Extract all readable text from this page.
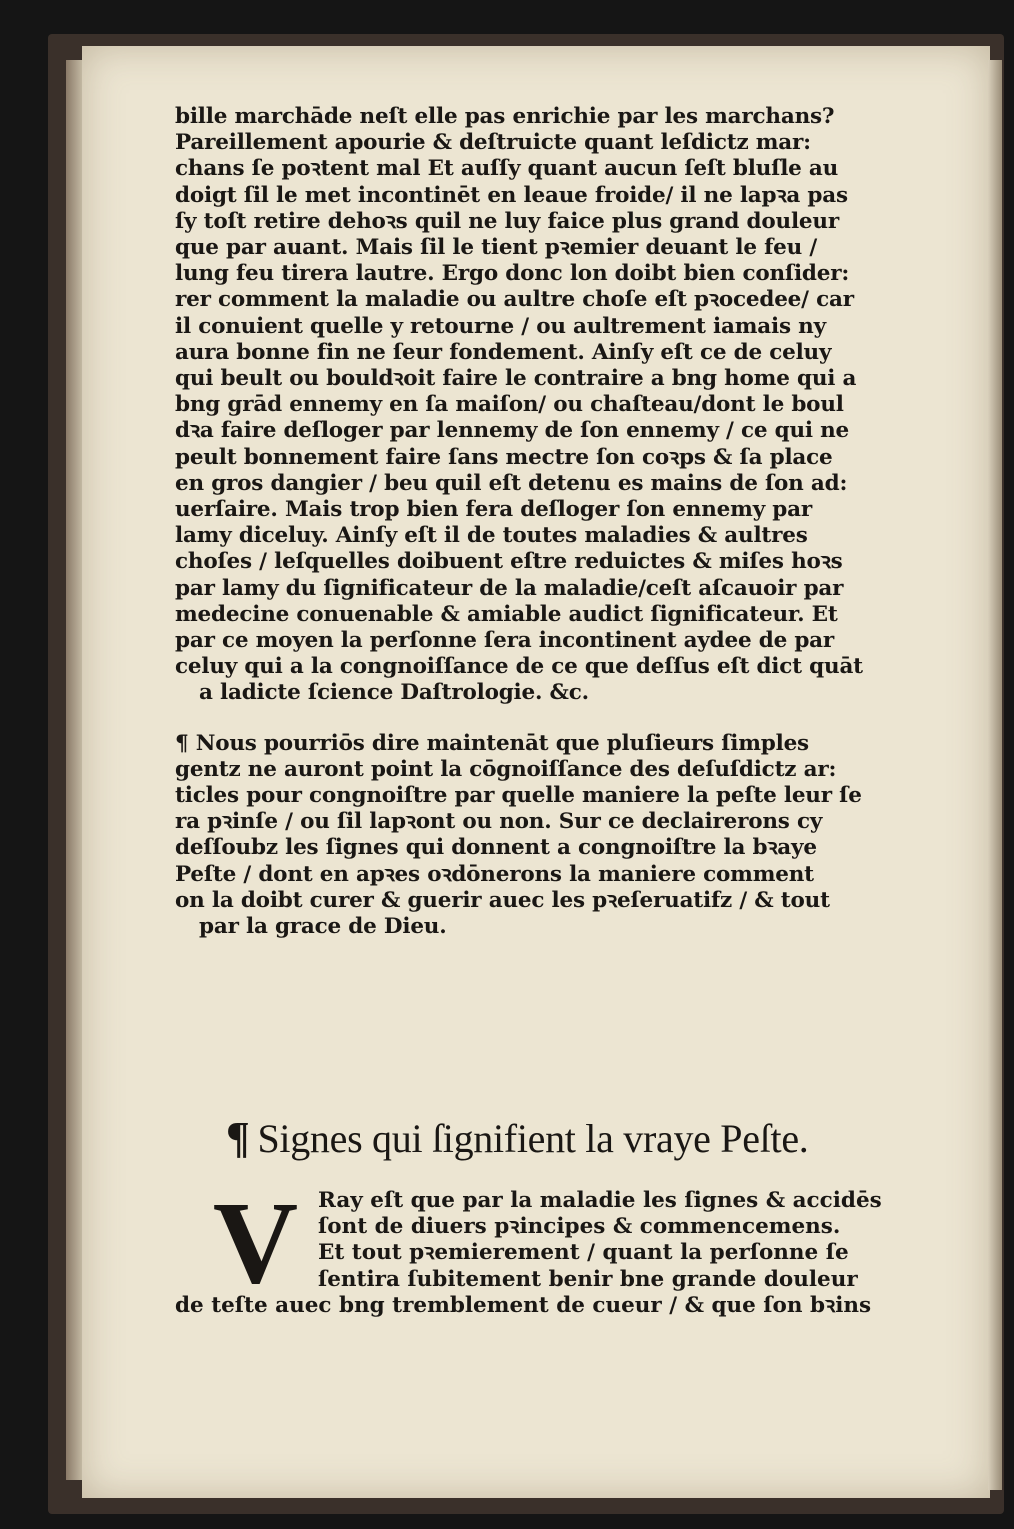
bille marchāde neſt elle pas enrichie par les marchans?
Pareillement apourie & deſtruicte quant leſdictz mar:
chans ſe poꝛtent mal Et auſſy quant aucun ſeſt bluſle au
doigt ſil le met incontinēt en leaue froide/ il ne lapꝛa pas
ſy toſt retire dehoꝛs quil ne luy faice plus grand douleur
que par auant. Mais ſil le tient pꝛemier deuant le feu /
lung feu tirera lautre. Ergo donc lon doibt bien conſider:
rer comment la maladie ou aultre choſe eſt pꝛocedee/ car
il conuient quelle y retourne / ou aultrement iamais ny
aura bonne fin ne ſeur fondement. Ainſy eſt ce de celuy
qui beult ou bouldꝛoit faire le contraire a bng home qui a
bng grād ennemy en ſa maiſon/ ou chaſteau/dont le boul
dꝛa faire deſloger par lennemy de ſon ennemy / ce qui ne
peult bonnement faire ſans mectre ſon coꝛps & ſa place
en gros dangier / beu quil eſt detenu es mains de ſon ad:
uerſaire. Mais trop bien fera deſloger ſon ennemy par
lamy diceluy. Ainſy eſt il de toutes maladies & aultres
choſes / leſquelles doibuent eſtre reduictes & miſes hoꝛs
par lamy du ſignificateur de la maladie/ceſt aſcauoir par
medecine conuenable & amiable audict ſignificateur. Et
par ce moyen la perſonne ſera incontinent aydee de par
celuy qui a la congnoiſſance de ce que deſſus eſt dict quāt
a ladicte ſcience Daſtrologie. &c.
¶ Nous pourriōs dire maintenāt que pluſieurs ſimples
gentz ne auront point la cōgnoiſſance des deſuſdictz ar:
ticles pour congnoiſtre par quelle maniere la peſte leur ſe
ra pꝛinſe / ou ſil lapꝛont ou non. Sur ce declairerons cy
deſſoubz les ſignes qui donnent a congnoiſtre la bꝛaye
Peſte / dont en apꝛes oꝛdōnerons la maniere comment
on la doibt curer & guerir auec les pꝛeſeruatifz / & tout
par la grace de Dieu.
¶ Signes qui ſignifient la vraye Peſte.
V Ray eſt que par la maladie les ſignes & accidēs
ſont de diuers pꝛincipes & commencemens.
Et tout pꝛemierement / quant la perſonne ſe
ſentira ſubitement benir bne grande douleur
de teſte auec bng tremblement de cueur / & que ſon bꝛins
